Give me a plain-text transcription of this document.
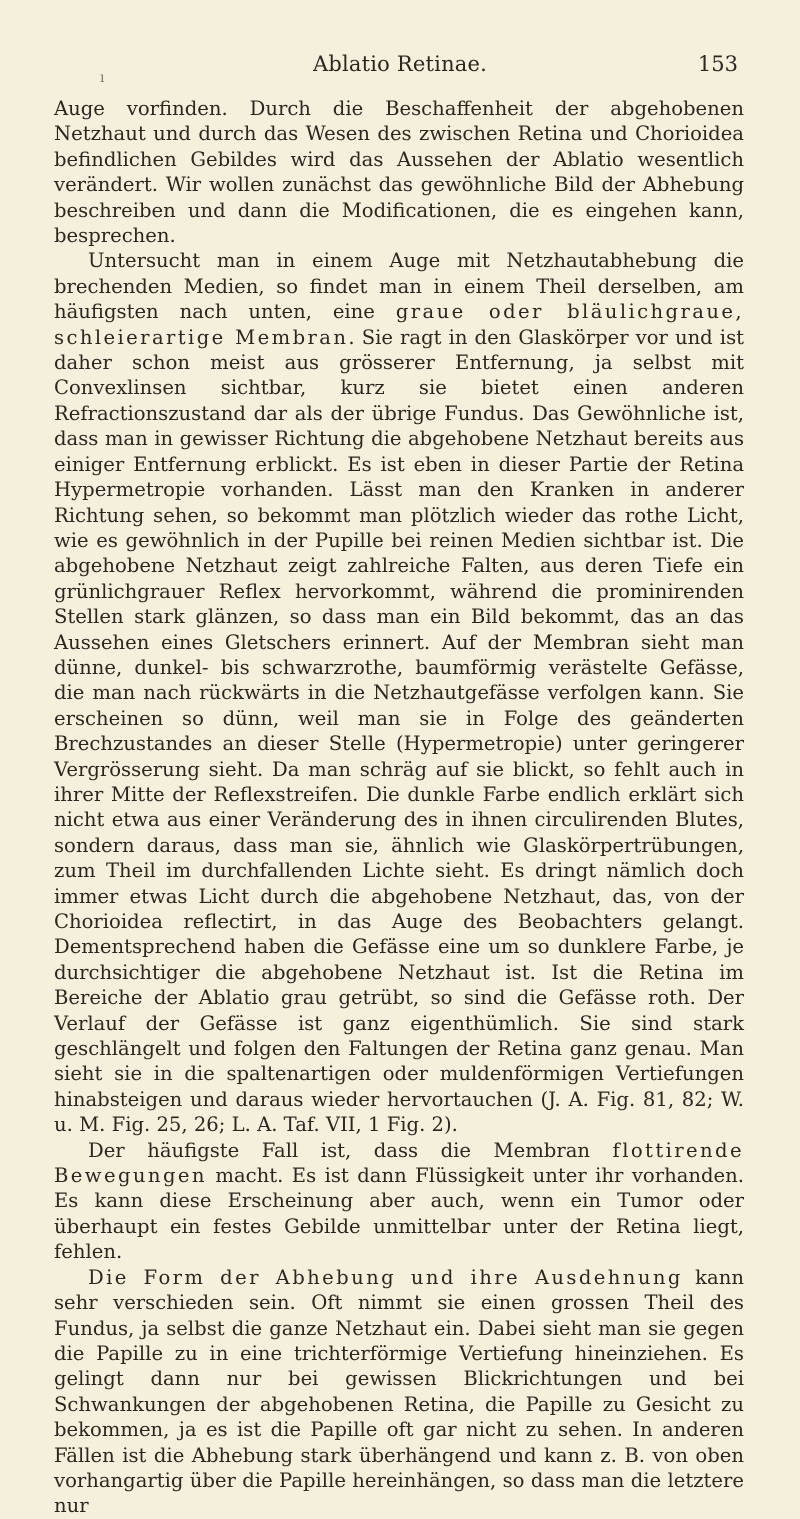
Ablatio Retinae.	153
ı

Auge vorfinden. Durch die Beschaffenheit der abgehobenen Netzhaut und durch das Wesen des zwischen Retina und Chorioidea befindlichen Gebildes wird das Aussehen der Ablatio wesentlich verändert. Wir wollen zunächst das gewöhnliche Bild der Abhebung beschreiben und dann die Modificationen, die es eingehen kann, besprechen.

Untersucht man in einem Auge mit Netzhautabhebung die brechenden Medien, so findet man in einem Theil derselben, am häufigsten nach unten, eine graue oder bläulichgraue, schleierartige Membran. Sie ragt in den Glaskörper vor und ist daher schon meist aus grösserer Entfernung, ja selbst mit Convexlinsen sichtbar, kurz sie bietet einen anderen Refractionszustand dar als der übrige Fundus. Das Gewöhnliche ist, dass man in gewisser Richtung die abgehobene Netzhaut bereits aus einiger Entfernung erblickt. Es ist eben in dieser Partie der Retina Hypermetropie vorhanden. Lässt man den Kranken in anderer Richtung sehen, so bekommt man plötzlich wieder das rothe Licht, wie es gewöhnlich in der Pupille bei reinen Medien sichtbar ist. Die abgehobene Netzhaut zeigt zahlreiche Falten, aus deren Tiefe ein grünlichgrauer Reflex hervorkommt, während die prominirenden Stellen stark glänzen, so dass man ein Bild bekommt, das an das Aussehen eines Gletschers erinnert. Auf der Membran sieht man dünne, dunkel- bis schwarzrothe, baumförmig verästelte Gefässe, die man nach rückwärts in die Netzhautgefässe verfolgen kann. Sie erscheinen so dünn, weil man sie in Folge des geänderten Brechzustandes an dieser Stelle (Hypermetropie) unter geringerer Vergrösserung sieht. Da man schräg auf sie blickt, so fehlt auch in ihrer Mitte der Reflexstreifen. Die dunkle Farbe endlich erklärt sich nicht etwa aus einer Veränderung des in ihnen circulirenden Blutes, sondern daraus, dass man sie, ähnlich wie Glaskörpertrübungen, zum Theil im durchfallenden Lichte sieht. Es dringt nämlich doch immer etwas Licht durch die abgehobene Netzhaut, das, von der Chorioidea reflectirt, in das Auge des Beobachters gelangt. Dementsprechend haben die Gefässe eine um so dunklere Farbe, je durchsichtiger die abgehobene Netzhaut ist. Ist die Retina im Bereiche der Ablatio grau getrübt, so sind die Gefässe roth. Der Verlauf der Gefässe ist ganz eigenthümlich. Sie sind stark geschlängelt und folgen den Faltungen der Retina ganz genau. Man sieht sie in die spaltenartigen oder muldenförmigen Vertiefungen hinabsteigen und daraus wieder hervortauchen (J. A. Fig. 81, 82; W. u. M. Fig. 25, 26; L. A. Taf. VII, 1 Fig. 2).

Der häufigste Fall ist, dass die Membran flottirende Bewegungen macht. Es ist dann Flüssigkeit unter ihr vorhanden. Es kann diese Erscheinung aber auch, wenn ein Tumor oder überhaupt ein festes Gebilde unmittelbar unter der Retina liegt, fehlen.

Die Form der Abhebung und ihre Ausdehnung kann sehr verschieden sein. Oft nimmt sie einen grossen Theil des Fundus, ja selbst die ganze Netzhaut ein. Dabei sieht man sie gegen die Papille zu in eine trichterförmige Vertiefung hineinziehen. Es gelingt dann nur bei gewissen Blickrichtungen und bei Schwankungen der abgehobenen Retina, die Papille zu Gesicht zu bekommen, ja es ist die Papille oft gar nicht zu sehen. In anderen Fällen ist die Abhebung stark überhängend und kann z. B. von oben vorhangartig über die Papille hereinhängen, so dass man die letztere nur
